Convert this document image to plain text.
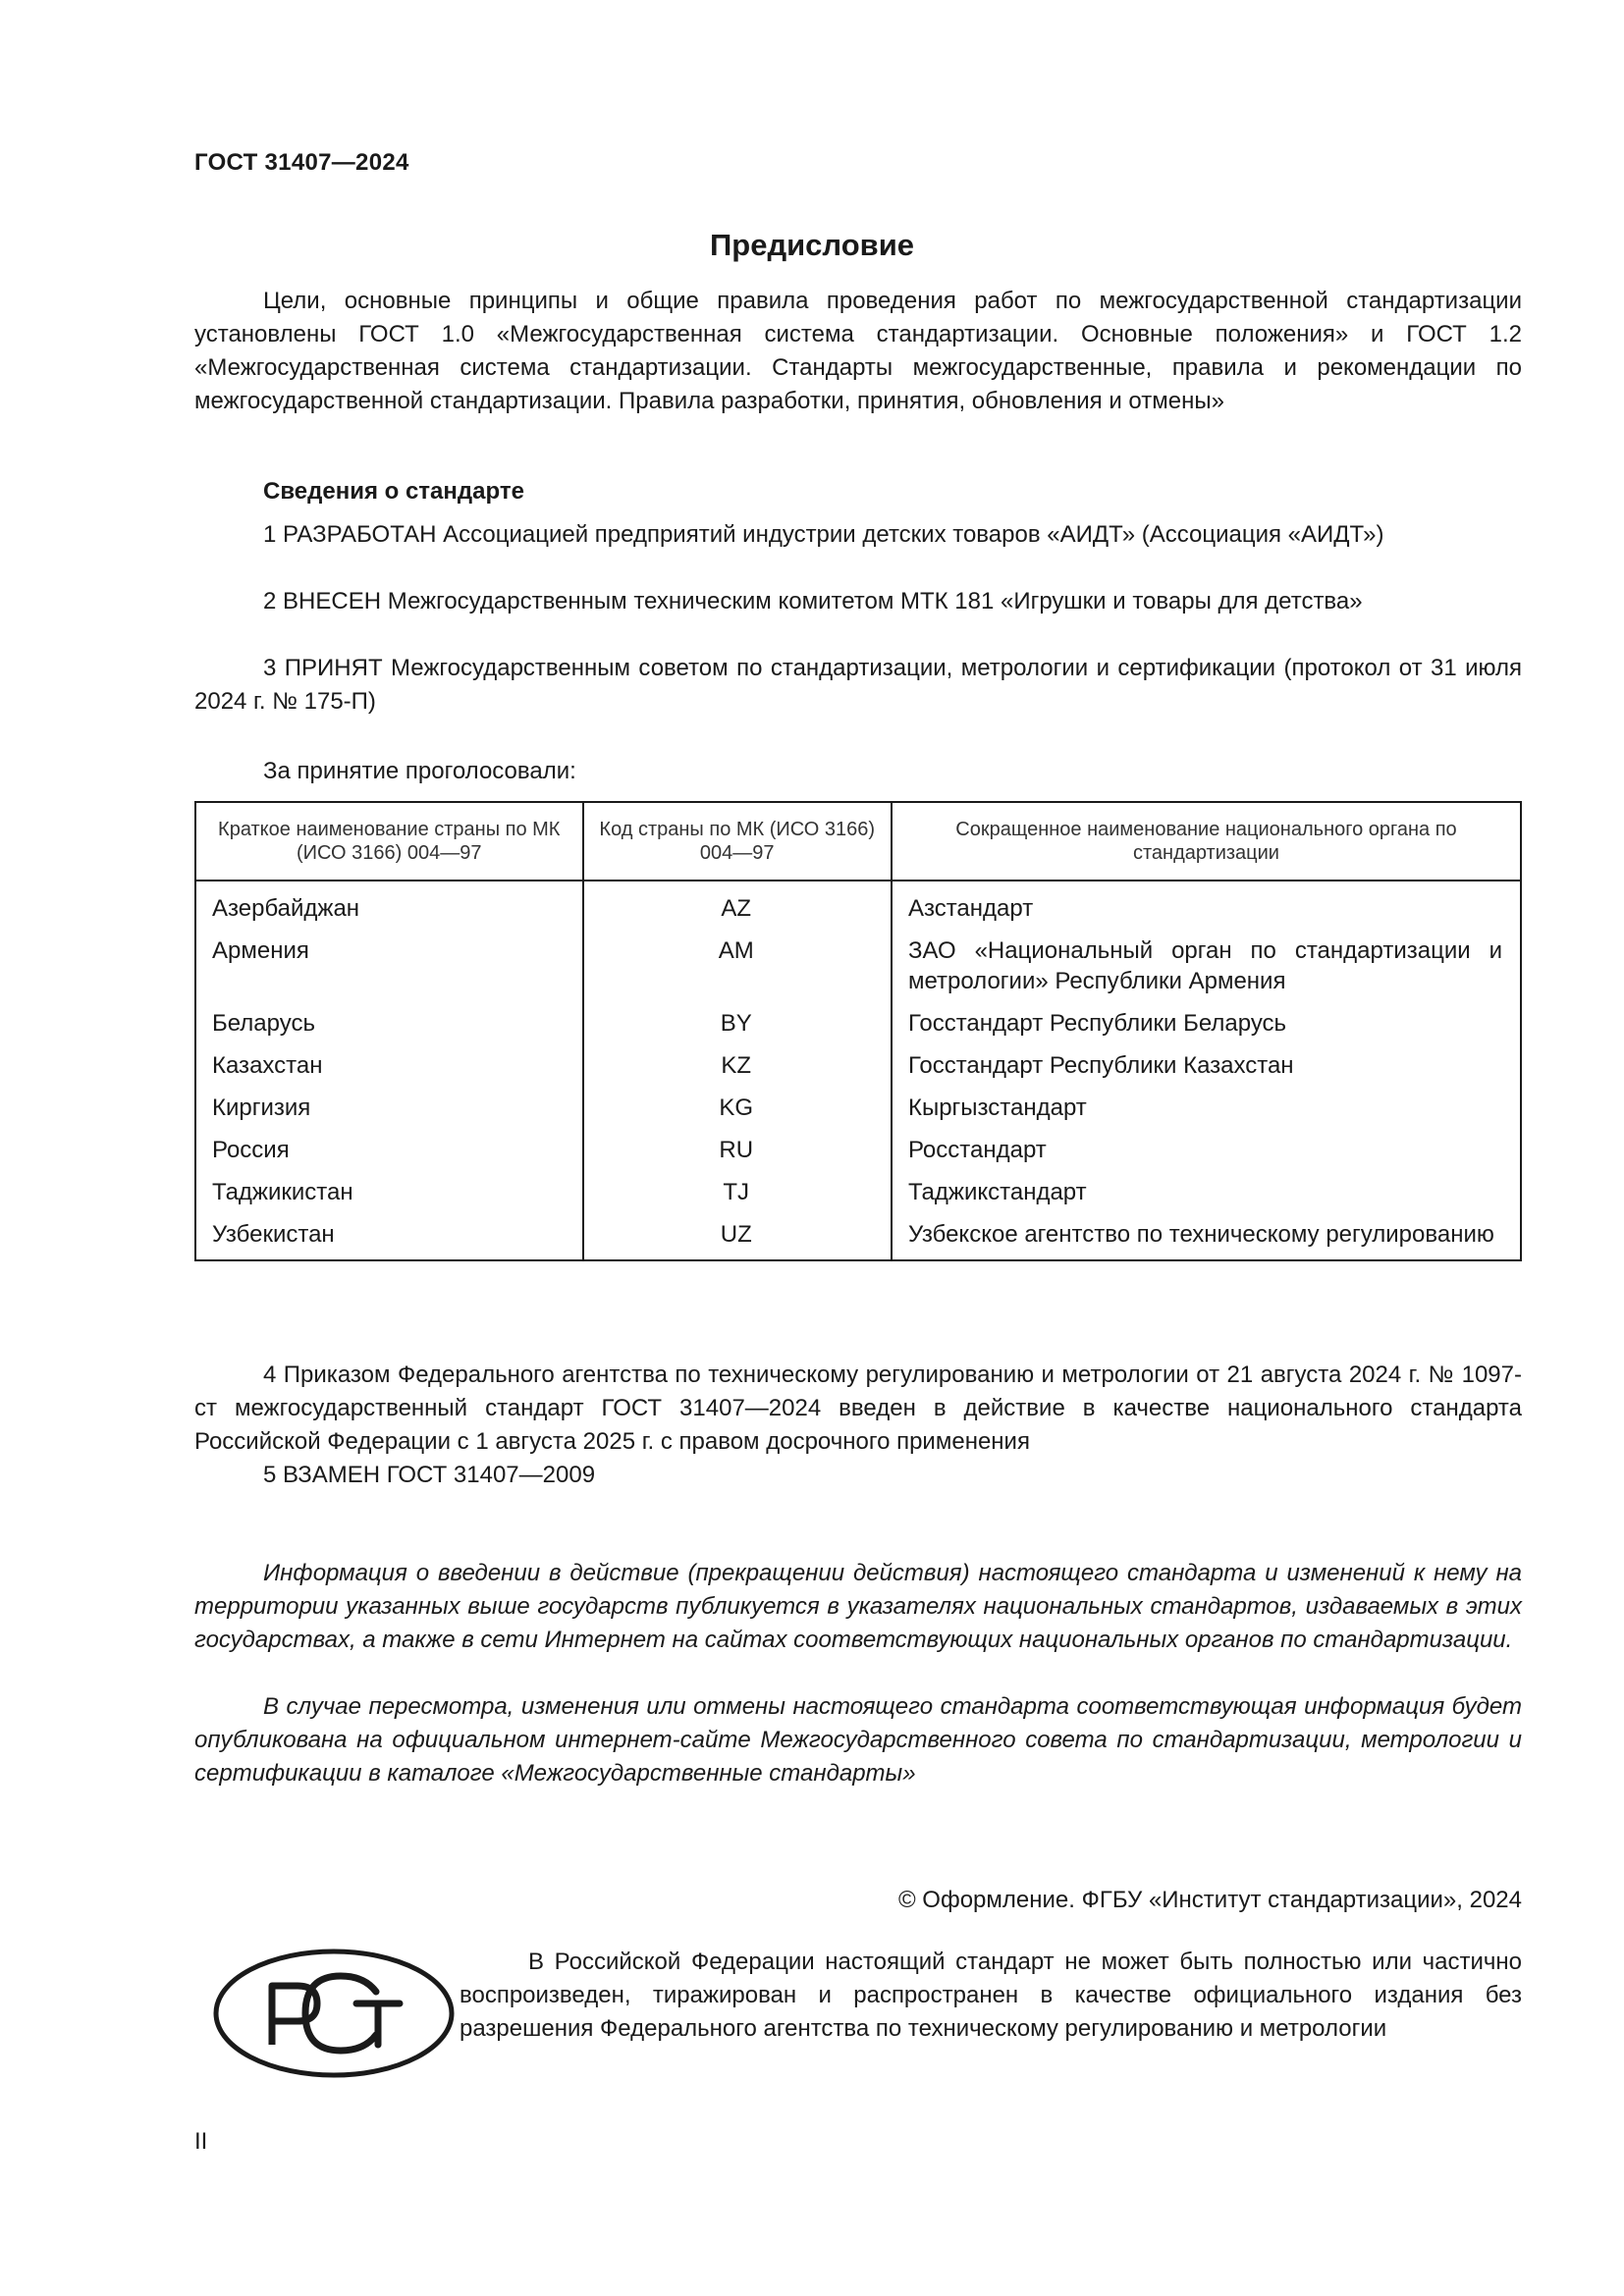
ГОСТ 31407—2024
Предисловие

Цели, основные принципы и общие правила проведения работ по межгосударственной стандартизации установлены ГОСТ 1.0 «Межгосударственная система стандартизации. Основные положения» и ГОСТ 1.2 «Межгосударственная система стандартизации. Стандарты межгосударственные, правила и рекомендации по межгосударственной стандартизации. Правила разработки, принятия, обновления и отмены»

Сведения о стандарте

1 РАЗРАБОТАН Ассоциацией предприятий индустрии детских товаров «АИДТ» (Ассоциация «АИДТ»)

2 ВНЕСЕН Межгосударственным техническим комитетом МТК 181 «Игрушки и товары для детства»

3 ПРИНЯТ Межгосударственным советом по стандартизации, метрологии и сертификации (протокол от 31 июля 2024 г. № 175-П)

За принятие проголосовали:
Краткое наименование страны по МК (ИСО 3166) 004—97	Код страны по МК (ИСО 3166) 004—97	Сокращенное наименование национального органа по стандартизации
Азербайджан	AZ	Азстандарт
Армения	AM	ЗАО «Национальный орган по стандартизации и метрологии» Республики Армения
Беларусь	BY	Госстандарт Республики Беларусь
Казахстан	KZ	Госстандарт Республики Казахстан
Киргизия	KG	Кыргызстандарт
Россия	RU	Росстандарт
Таджикистан	TJ	Таджикстандарт
Узбекистан	UZ	Узбекское агентство по техническому регулированию

4 Приказом Федерального агентства по техническому регулированию и метрологии от 21 августа 2024 г. № 1097-ст межгосударственный стандарт ГОСТ 31407—2024 введен в действие в качестве национального стандарта Российской Федерации с 1 августа 2025 г. с правом досрочного применения

5 ВЗАМЕН ГОСТ 31407—2009

Информация о введении в действие (прекращении действия) настоящего стандарта и изменений к нему на территории указанных выше государств публикуется в указателях национальных стандартов, издаваемых в этих государствах, а также в сети Интернет на сайтах соответствующих национальных органов по стандартизации.

В случае пересмотра, изменения или отмены настоящего стандарта соответствующая информация будет опубликована на официальном интернет-сайте Межгосударственного совета по стандартизации, метрологии и сертификации в каталоге «Межгосударственные стандарты»

© Оформление. ФГБУ «Институт стандартизации», 2024

В Российской Федерации настоящий стандарт не может быть полностью или частично воспроизведен, тиражирован и распространен в качестве официального издания без разрешения Федерального агентства по техническому регулированию и метрологии

II
